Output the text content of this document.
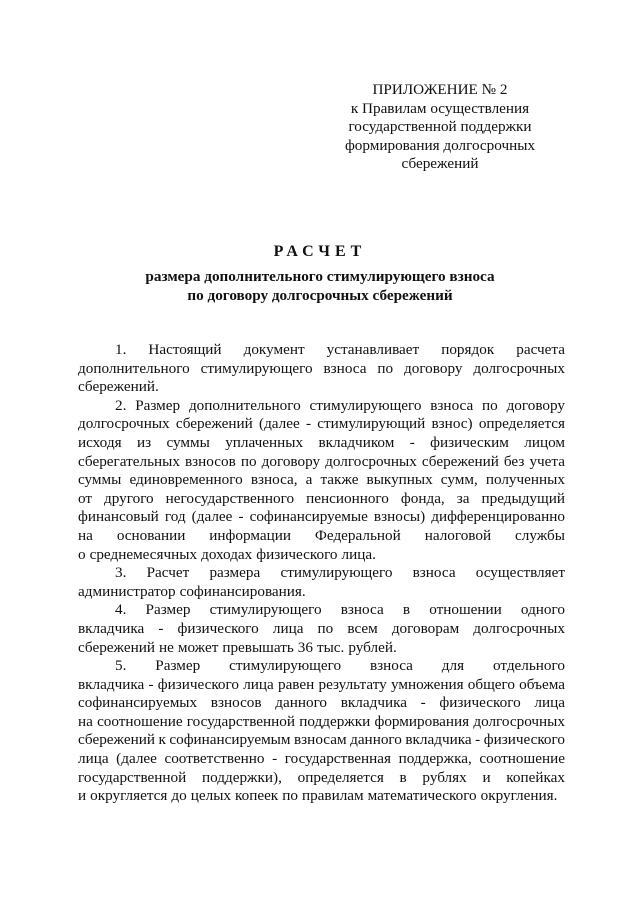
ПРИЛОЖЕНИЕ № 2
к Правилам осуществления
государственной поддержки
формирования долгосрочных
сбережений
РАСЧЕТ
размера дополнительного стимулирующего взноса
по договору долгосрочных сбережений
1. Настоящий документ устанавливает порядок расчета
дополнительного стимулирующего взноса по договору долгосрочных
сбережений.
2. Размер дополнительного стимулирующего взноса по договору
долгосрочных сбережений (далее - стимулирующий взнос) определяется
исходя из суммы уплаченных вкладчиком - физическим лицом
сберегательных взносов по договору долгосрочных сбережений без учета
суммы единовременного взноса, а также выкупных сумм, полученных
от другого негосударственного пенсионного фонда, за предыдущий
финансовый год (далее - софинансируемые взносы) дифференцированно
на основании информации Федеральной налоговой службы
о среднемесячных доходах физического лица.
3. Расчет размера стимулирующего взноса осуществляет
администратор софинансирования.
4. Размер стимулирующего взноса в отношении одного
вкладчика - физического лица по всем договорам долгосрочных
сбережений не может превышать 36 тыс. рублей.
5. Размер стимулирующего взноса для отдельного
вкладчика - физического лица равен результату умножения общего объема
софинансируемых взносов данного вкладчика - физического лица
на соотношение государственной поддержки формирования долгосрочных
сбережений к софинансируемым взносам данного вкладчика - физического
лица (далее соответственно - государственная поддержка, соотношение
государственной поддержки), определяется в рублях и копейках
и округляется до целых копеек по правилам математического округления.
